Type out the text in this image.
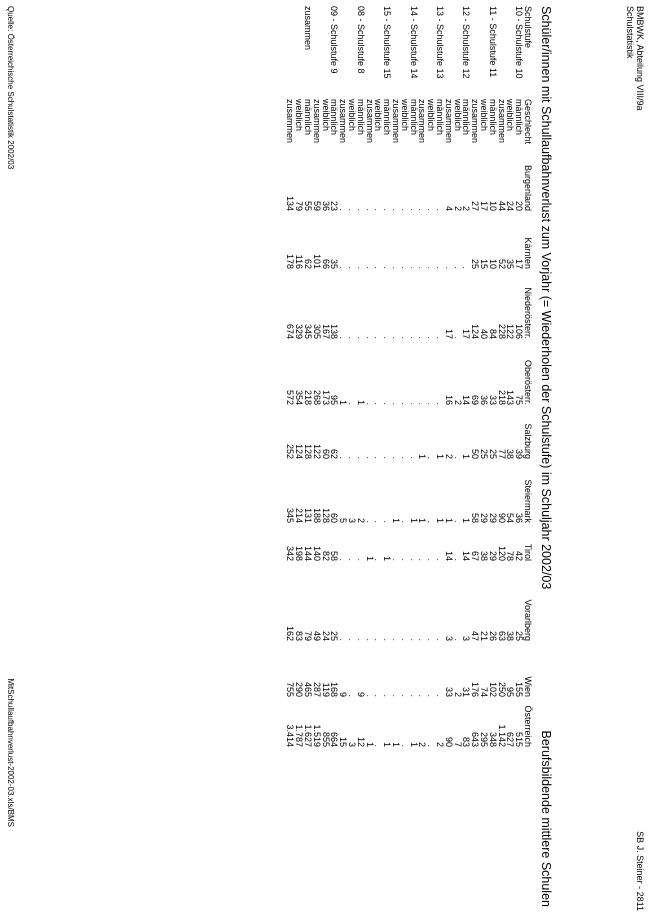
BMBWK, Abteilung VIII/9a
Schulstatistik
SB J. Steiner - 2811
Schüler/innen mit Schullaufbahnverlust zum Vorjahr (= Wiederholen der Schulstufe) im Schuljahr 2002/03
Berufsbildende mittlere Schulen
Schulstufe	Geschlecht	Burgenland	Kärnten	Niederösterr.	Oberösterr.	Salzburg	Steiermark	Tirol	Vorarlberg	Wien	Österreich
10 - Schulstufe 10	männlich	20	17	106	75	39	36	42	25	155	515
	weiblich	24	35	122	143	38	54	78	38	95	627
	zusammen	44	52	228	218	77	90	120	63	250	1.142
11 - Schulstufe 11	männlich	10	10	84	33	25	29	29	26	102	348
	weiblich	17	15	40	36	25	29	38	21	74	295
	zusammen	27	25	124	69	50	58	67	47	176	643
12 - Schulstufe 12	männlich	2	.	17	14	1	1	14	3	31	83
	weiblich	2	.	.	2	.	.	.	.	2	7
	zusammen	4	.	17	16	2	1	14	3	33	90
13 - Schulstufe 13	männlich	.	.	.	.	1	1	.	.	.	2
	weiblich	.	.	.	.	.	.	.	.	.	.
	zusammen	.	.	.	.	1	1	.	.	.	2
14 - Schulstufe 14	männlich	.	.	.	.	.	1	.	.	.	1
	weiblich	.	.	.	.	.	.	.	.	.	.
	zusammen	.	.	.	.	.	1	.	.	.	1
15 - Schulstufe 15	männlich	.	.	.	.	.	.	1	.	.	1
	weiblich	.	.	.	.	.	.	.	.	.	.
	zusammen	.	.	.	.	.	.	1	.	.	1
08 - Schulstufe 8	männlich	.	.	.	1	.	2	.	.	9	12
	weiblich	.	.	.	.	.	3	.	.	.	3
	zusammen	.	.	.	1	.	5	.	.	9	15
09 - Schulstufe 9	männlich	23	35	138	95	62	60	58	25	168	664
	weiblich	36	66	167	173	60	128	82	24	119	855
	zusammen	59	101	305	268	122	188	140	49	287	1.519
zusammen	männlich	55	62	345	218	128	131	144	79	465	1.627
	weiblich	79	116	329	354	124	214	198	83	290	1.787
	zusammen	134	178	674	572	252	345	342	162	755	3.414
Quelle: Österreichische Schulstatistik 2002/03
MitSchullaufbahnverlust-2002-03.xls/BMS
